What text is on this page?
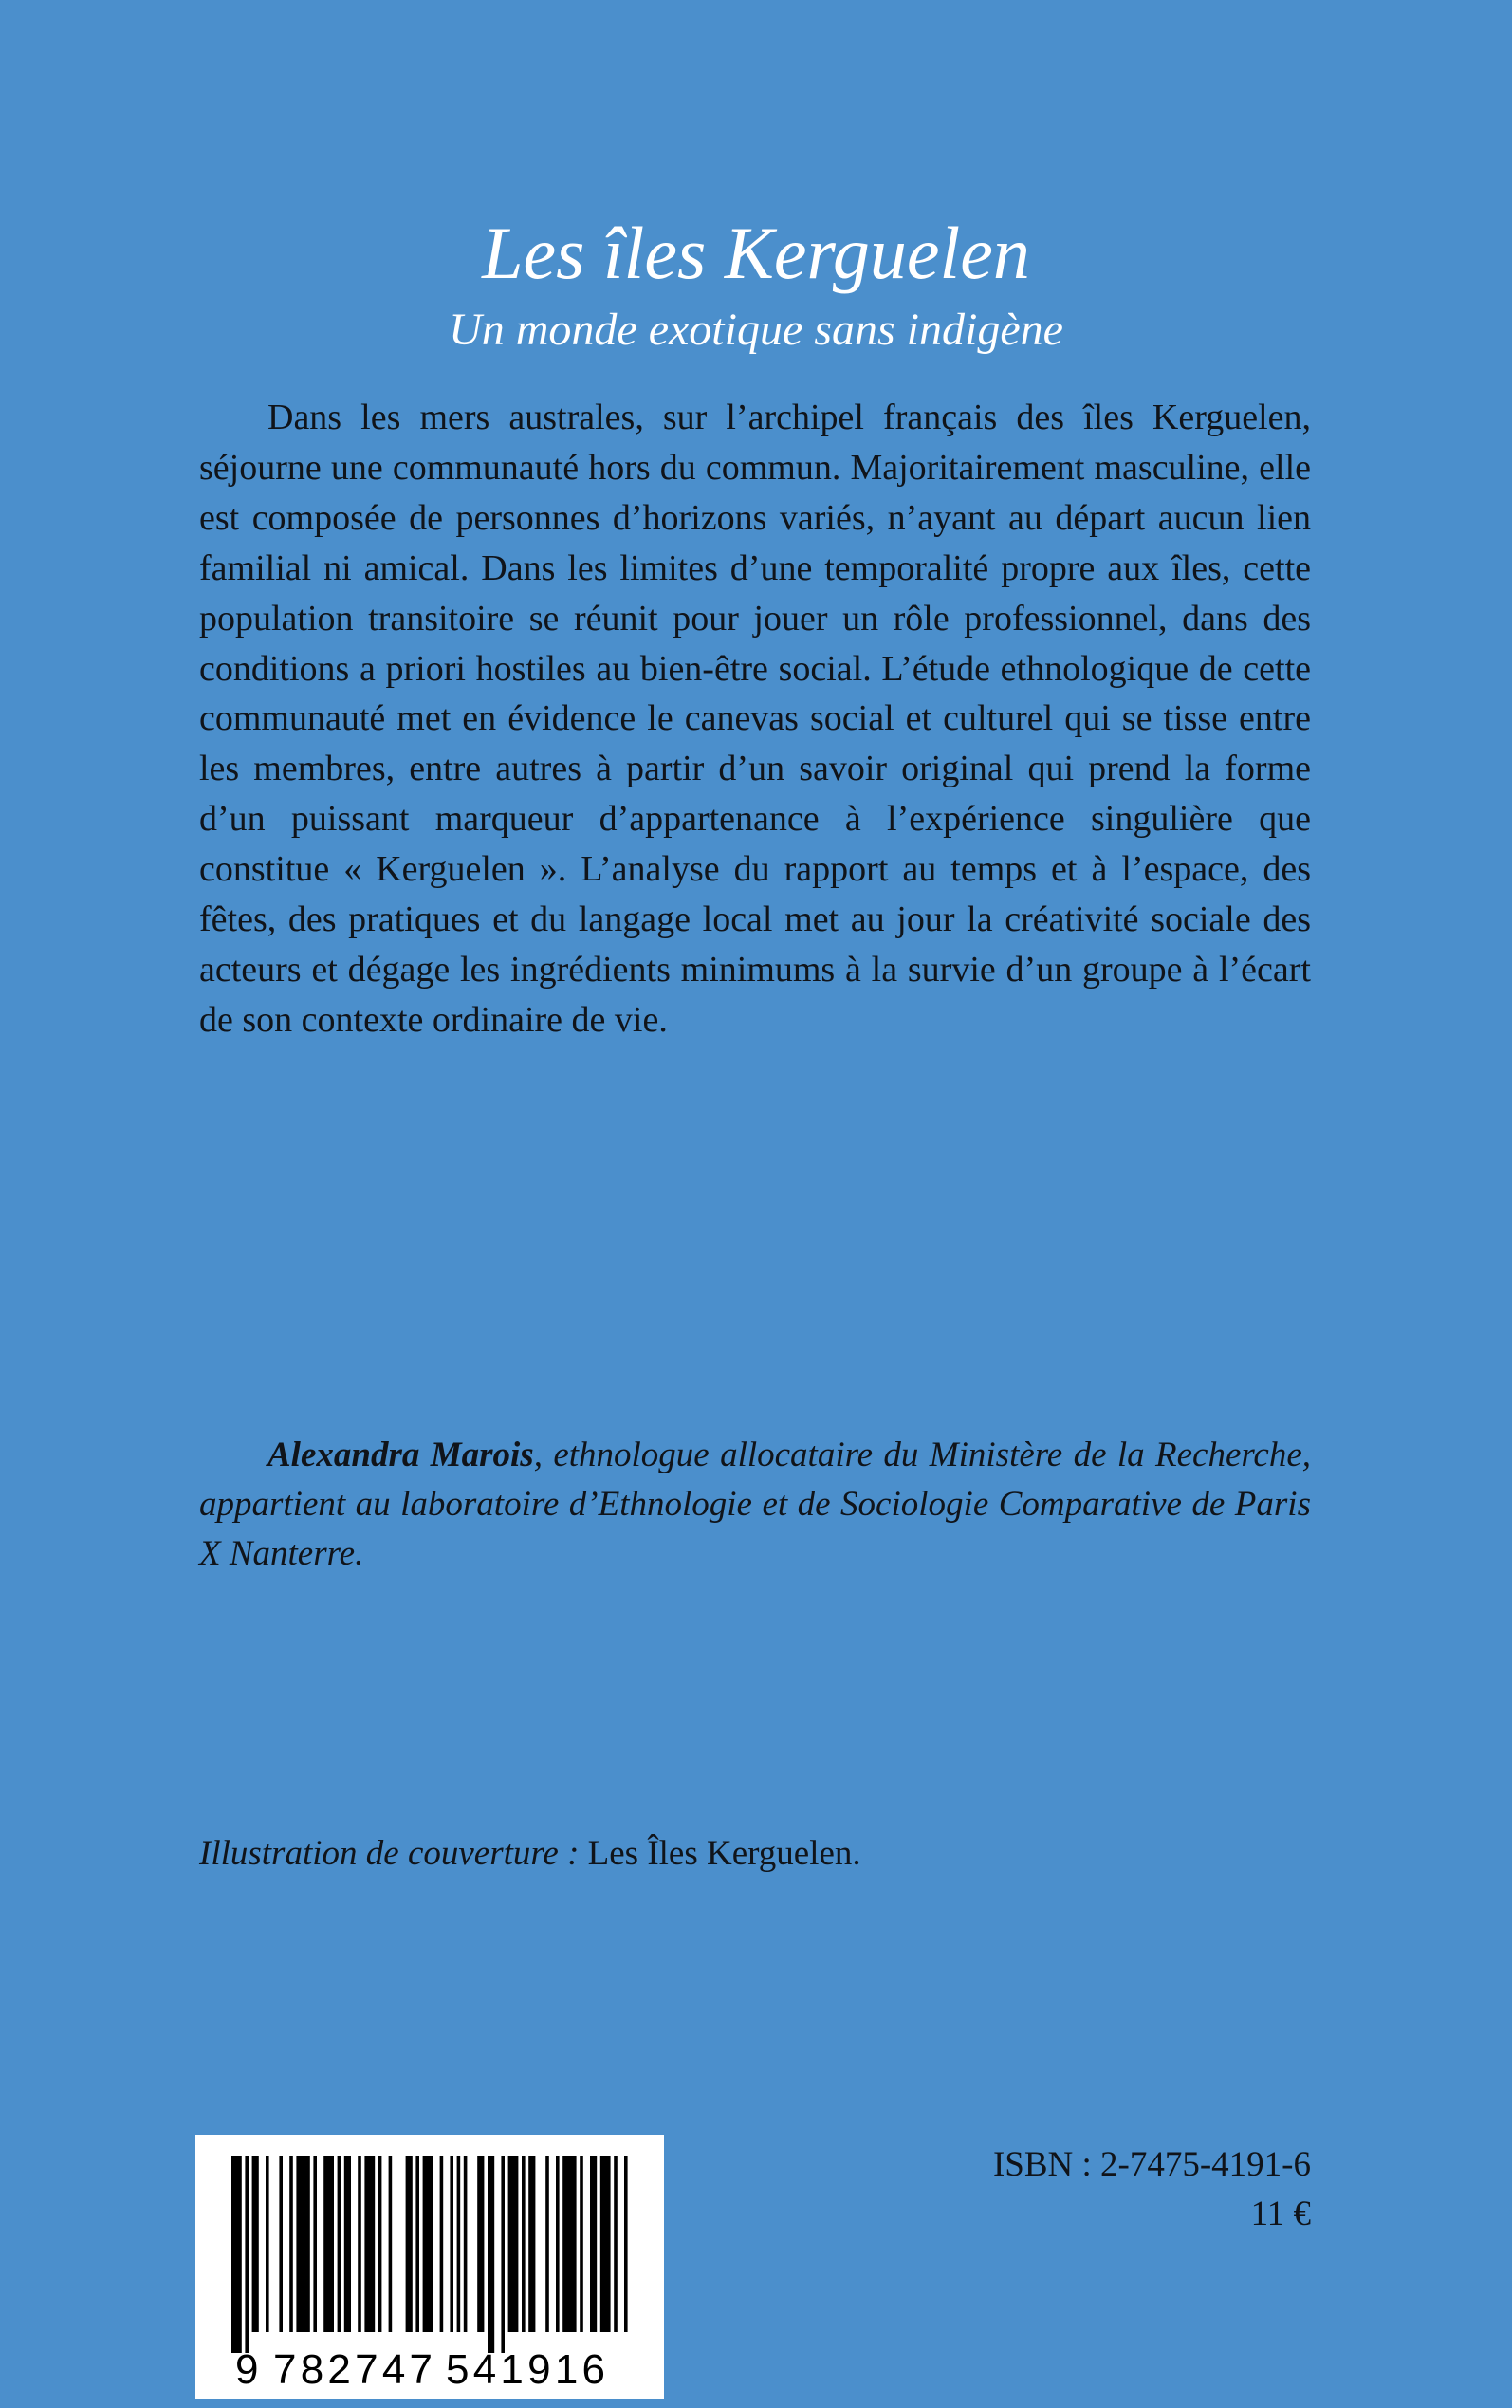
Les îles Kerguelen
Un monde exotique sans indigène

Dans les mers australes, sur l’archipel français des îles Kerguelen, séjourne une communauté hors du commun. Majoritairement masculine, elle est composée de personnes d’horizons variés, n’ayant au départ aucun lien familial ni amical. Dans les limites d’une temporalité propre aux îles, cette population transitoire se réunit pour jouer un rôle professionnel, dans des conditions a priori hostiles au bien-être social. L’étude ethnologique de cette communauté met en évidence le canevas social et culturel qui se tisse entre les membres, entre autres à partir d’un savoir original qui prend la forme d’un puissant marqueur d’appartenance à l’expérience singulière que constitue « Kerguelen ». L’analyse du rapport au temps et à l’espace, des fêtes, des pratiques et du langage local met au jour la créativité sociale des acteurs et dégage les ingrédients minimums à la survie d’un groupe à l’écart de son contexte ordinaire de vie.

Alexandra Marois, ethnologue allocataire du Ministère de la Recherche, appartient au laboratoire d’Ethnologie et de Sociologie Comparative de Paris X Nanterre.

Illustration de couverture : Les Îles Kerguelen.

9 782747 541916

ISBN : 2-7475-4191-6

11 €
